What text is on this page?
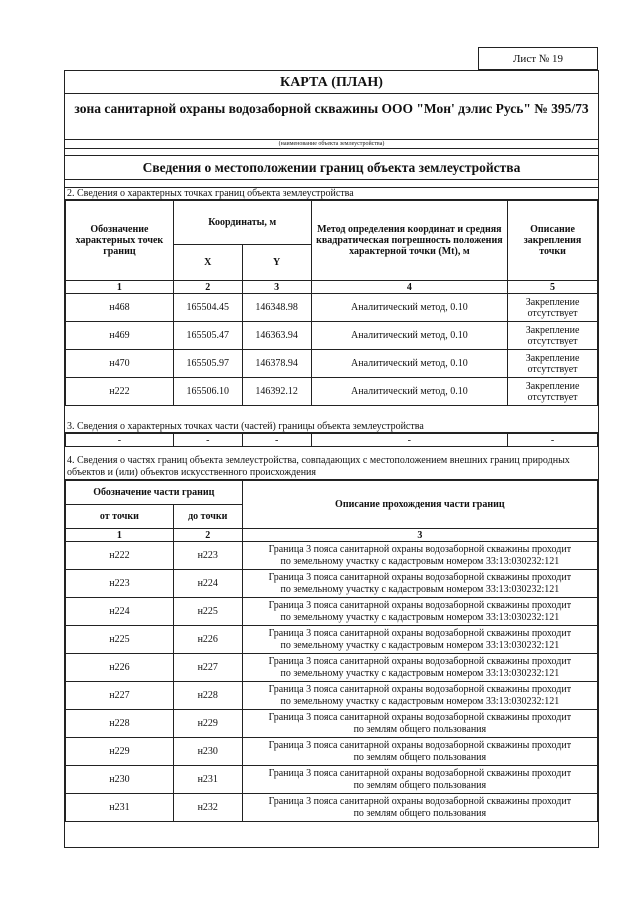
Лист № 19
КАРТА (ПЛАН)
зона санитарной охраны водозаборной скважины ООО "Мон' дэлис Русь" № 395/73
(наименование объекта землеустройства)
Сведения о местоположении границ объекта землеустройства
2. Сведения о характерных точках границ объекта землеустройства
Обозначение характерных точек границ	Координаты, м		Метод определения координат и средняя квадратическая погрешность положения характерной точки (Mt), м	Описание закрепления точки
	X	Y		
1	2	3	4	5
н468	165504.45	146348.98	Аналитический метод, 0.10	Закрепление отсутствует
н469	165505.47	146363.94	Аналитический метод, 0.10	Закрепление отсутствует
н470	165505.97	146378.94	Аналитический метод, 0.10	Закрепление отсутствует
н222	165506.10	146392.12	Аналитический метод, 0.10	Закрепление отсутствует
3. Сведения о характерных точках части (частей) границы объекта землеустройства
-	-	-	-	-
4. Сведения о частях границ объекта землеустройства, совпадающих с местоположением внешних границ природных объектов и (или) объектов искусственного происхождения
Обозначение части границ		Описание прохождения части границ
от точки	до точки	
1	2	3
н222	н223	Граница 3 пояса санитарной охраны водозаборной скважины проходит
по земельному участку с кадастровым номером 33:13:030232:121

н223	н224	Граница 3 пояса санитарной охраны водозаборной скважины проходит
по земельному участку с кадастровым номером 33:13:030232:121

н224	н225	Граница 3 пояса санитарной охраны водозаборной скважины проходит
по земельному участку с кадастровым номером 33:13:030232:121

н225	н226	Граница 3 пояса санитарной охраны водозаборной скважины проходит
по земельному участку с кадастровым номером 33:13:030232:121

н226	н227	Граница 3 пояса санитарной охраны водозаборной скважины проходит
по земельному участку с кадастровым номером 33:13:030232:121

н227	н228	Граница 3 пояса санитарной охраны водозаборной скважины проходит
по земельному участку с кадастровым номером 33:13:030232:121

н228	н229	Граница 3 пояса санитарной охраны водозаборной скважины проходит
по землям общего пользования

н229	н230	Граница 3 пояса санитарной охраны водозаборной скважины проходит
по землям общего пользования

н230	н231	Граница 3 пояса санитарной охраны водозаборной скважины проходит
по землям общего пользования

н231	н232	Граница 3 пояса санитарной охраны водозаборной скважины проходит
по землям общего пользования
